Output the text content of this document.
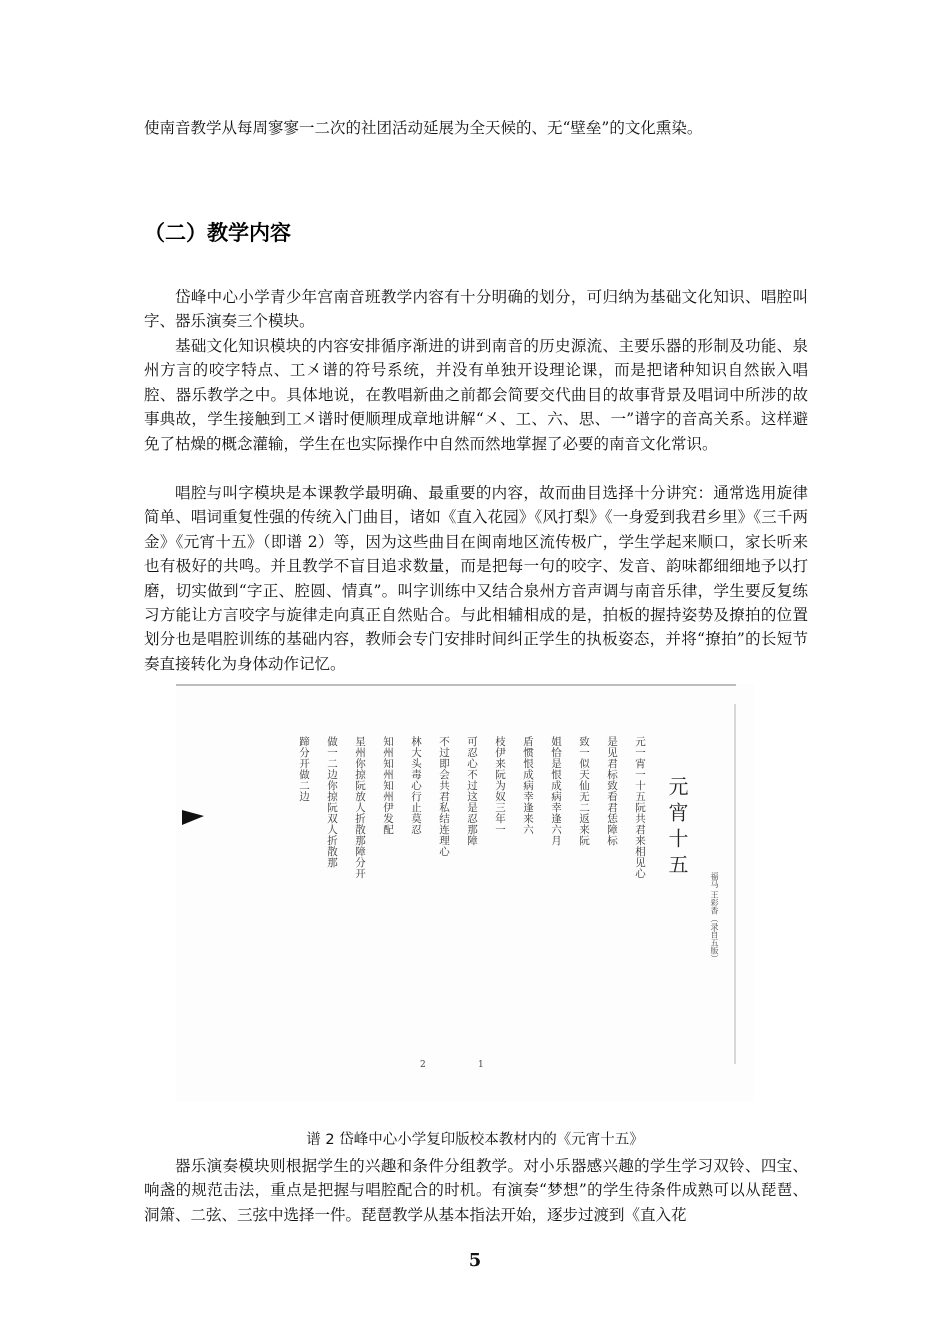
使南音教学从每周寥寥一二次的社团活动延展为全天候的、无“壁垒”的文化熏染。

（二）教学内容

岱峰中心小学青少年宫南音班教学内容有十分明确的划分，可归纳为基础文化知识、唱腔叫字、器乐演奏三个模块。

基础文化知识模块的内容安排循序渐进的讲到南音的历史源流、主要乐器的形制及功能、泉州方言的咬字特点、工㐅谱的符号系统，并没有单独开设理论课，而是把诸种知识自然嵌入唱腔、器乐教学之中。具体地说，在教唱新曲之前都会简要交代曲目的故事背景及唱词中所涉的故事典故，学生接触到工㐅谱时便顺理成章地讲解“㐅、工、六、思、一”谱字的音高关系。这样避免了枯燥的概念灌输，学生在也实际操作中自然而然地掌握了必要的南音文化常识。

唱腔与叫字模块是本课教学最明确、最重要的内容，故而曲目选择十分讲究：通常选用旋律简单、唱词重复性强的传统入门曲目，诸如《直入花园》《风打梨》《一身爱到我君乡里》《三千两金》《元宵十五》（即谱 2）等，因为这些曲目在闽南地区流传极广，学生学起来顺口，家长听来也有极好的共鸣。并且教学不盲目追求数量，而是把每一句的咬字、发音、韵味都细细地予以打磨，切实做到“字正、腔圆、情真”。叫字训练中又结合泉州方音声调与南音乐律，学生要反复练习方能让方言咬字与旋律走向真正自然贴合。与此相辅相成的是，拍板的握持姿势及撩拍的位置划分也是唱腔训练的基础内容，教师会专门安排时间纠正学生的执板姿态，并将“撩拍”的长短节奏直接转化为身体动作记忆。

元宵十五
福马 王彩香（录自五版）
元一宵一十五阮共君来相见心
是见君标致看君恁障标
致一似天仙无二返来阮
姐恰是恨成病幸逢六月
盾惯恨成病幸逢来六
枝伊来阮为奴三年一
可忍心不过这是忍那障
不过即会共君私结连理心
林大头毒心行止莫忍
知州知州知州伊发配
星州你掠阮放人折散那障分开
做一二边你掠阮双人折散那
蹄分开做二边
2	1

谱 2 岱峰中心小学复印版校本教材内的《元宵十五》

器乐演奏模块则根据学生的兴趣和条件分组教学。对小乐器感兴趣的学生学习双铃、四宝、响盏的规范击法，重点是把握与唱腔配合的时机。有演奏“梦想”的学生待条件成熟可以从琵琶、洞箫、二弦、三弦中选择一件。琵琶教学从基本指法开始，逐步过渡到《直入花

5
